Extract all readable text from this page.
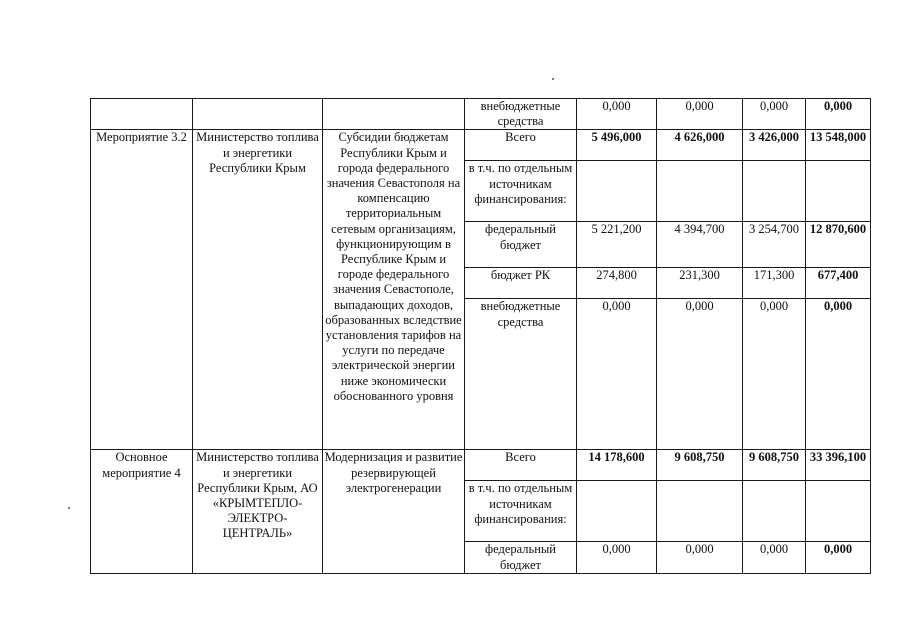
			внебюджетные средства	0,000	0,000	0,000	0,000
Мероприятие 3.2	Министерство топлива и энергетики Республики Крым	Субсидии бюджетам Республики Крым и города федерального значения Севастополя на компенсацию территориальным сетевым организациям, функционирующим в Республике Крым и городе федерального значения Севастополе, выпадающих доходов, образованных вследствие установления тарифов на услуги по передаче электрической энергии ниже экономически обоснованного уровня	Всего	5 496,000	4 626,000	3 426,000	13 548,000
			в т.ч. по отдельным источникам финансирования:				
			федеральный бюджет	5 221,200	4 394,700	3 254,700	12 870,600
			бюджет РК	274,800	231,300	171,300	677,400
			внебюджетные средства	0,000	0,000	0,000	0,000
Основное мероприятие 4	Министерство топлива и энергетики Республики Крым, АО «КРЫМТЕПЛО-ЭЛЕКТРО-ЦЕНТРАЛЬ»	Модернизация и развитие резервирующей электрогенерации	Всего	14 178,600	9 608,750	9 608,750	33 396,100
			в т.ч. по отдельным источникам финансирования:				
			федеральный бюджет	0,000	0,000	0,000	0,000
